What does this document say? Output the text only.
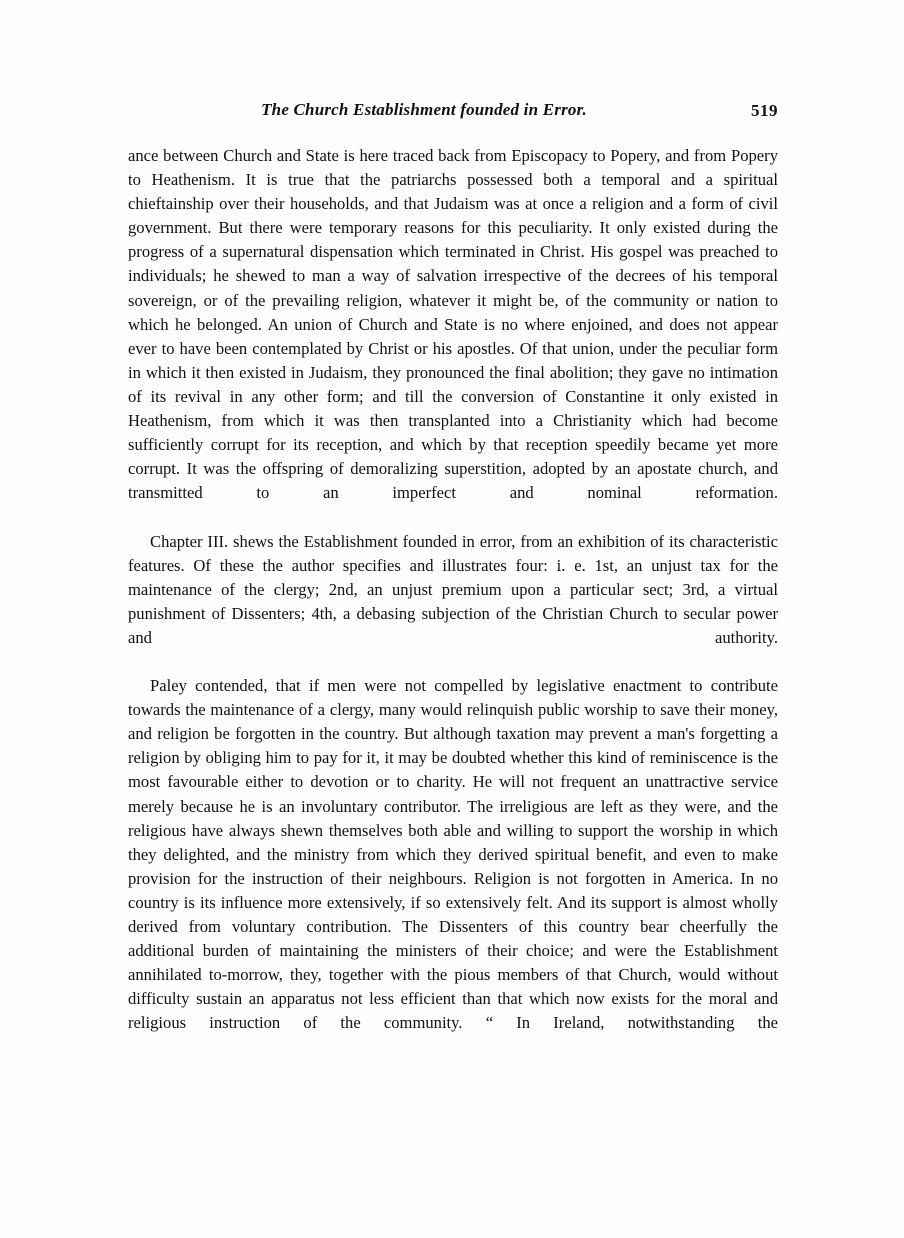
The Church Establishment founded in Error.	519

ance between Church and State is here traced back from Episcopacy to Popery, and from Popery to Heathenism. It is true that the patriarchs possessed both a temporal and a spiritual chieftainship over their households, and that Judaism was at once a religion and a form of civil government. But there were temporary reasons for this peculiarity. It only existed during the progress of a supernatural dispensation which terminated in Christ. His gospel was preached to individuals; he shewed to man a way of salvation irrespective of the decrees of his temporal sovereign, or of the prevailing religion, whatever it might be, of the community or nation to which he belonged. An union of Church and State is no where enjoined, and does not appear ever to have been contemplated by Christ or his apostles. Of that union, under the peculiar form in which it then existed in Judaism, they pronounced the final abolition; they gave no intimation of its revival in any other form; and till the conversion of Constantine it only existed in Heathenism, from which it was then transplanted into a Christianity which had become sufficiently corrupt for its reception, and which by that reception speedily became yet more corrupt. It was the offspring of demoralizing superstition, adopted by an apostate church, and transmitted to an imperfect and nominal reformation.

Chapter III. shews the Establishment founded in error, from an exhibition of its characteristic features. Of these the author specifies and illustrates four: i. e. 1st, an unjust tax for the maintenance of the clergy; 2nd, an unjust premium upon a particular sect; 3rd, a virtual punishment of Dissenters; 4th, a debasing subjection of the Christian Church to secular power and authority.

Paley contended, that if men were not compelled by legislative enactment to contribute towards the maintenance of a clergy, many would relinquish public worship to save their money, and religion be forgotten in the country. But although taxation may prevent a man's forgetting a religion by obliging him to pay for it, it may be doubted whether this kind of reminiscence is the most favourable either to devotion or to charity. He will not frequent an unattractive service merely because he is an involuntary contributor. The irreligious are left as they were, and the religious have always shewn themselves both able and willing to support the worship in which they delighted, and the ministry from which they derived spiritual benefit, and even to make provision for the instruction of their neighbours. Religion is not forgotten in America. In no country is its influence more extensively, if so extensively felt. And its support is almost wholly derived from voluntary contribution. The Dissenters of this country bear cheerfully the additional burden of maintaining the ministers of their choice; and were the Establishment annihilated to-morrow, they, together with the pious members of that Church, would without difficulty sustain an apparatus not less efficient than that which now exists for the moral and religious instruction of the community. “ In Ireland, notwithstanding the
